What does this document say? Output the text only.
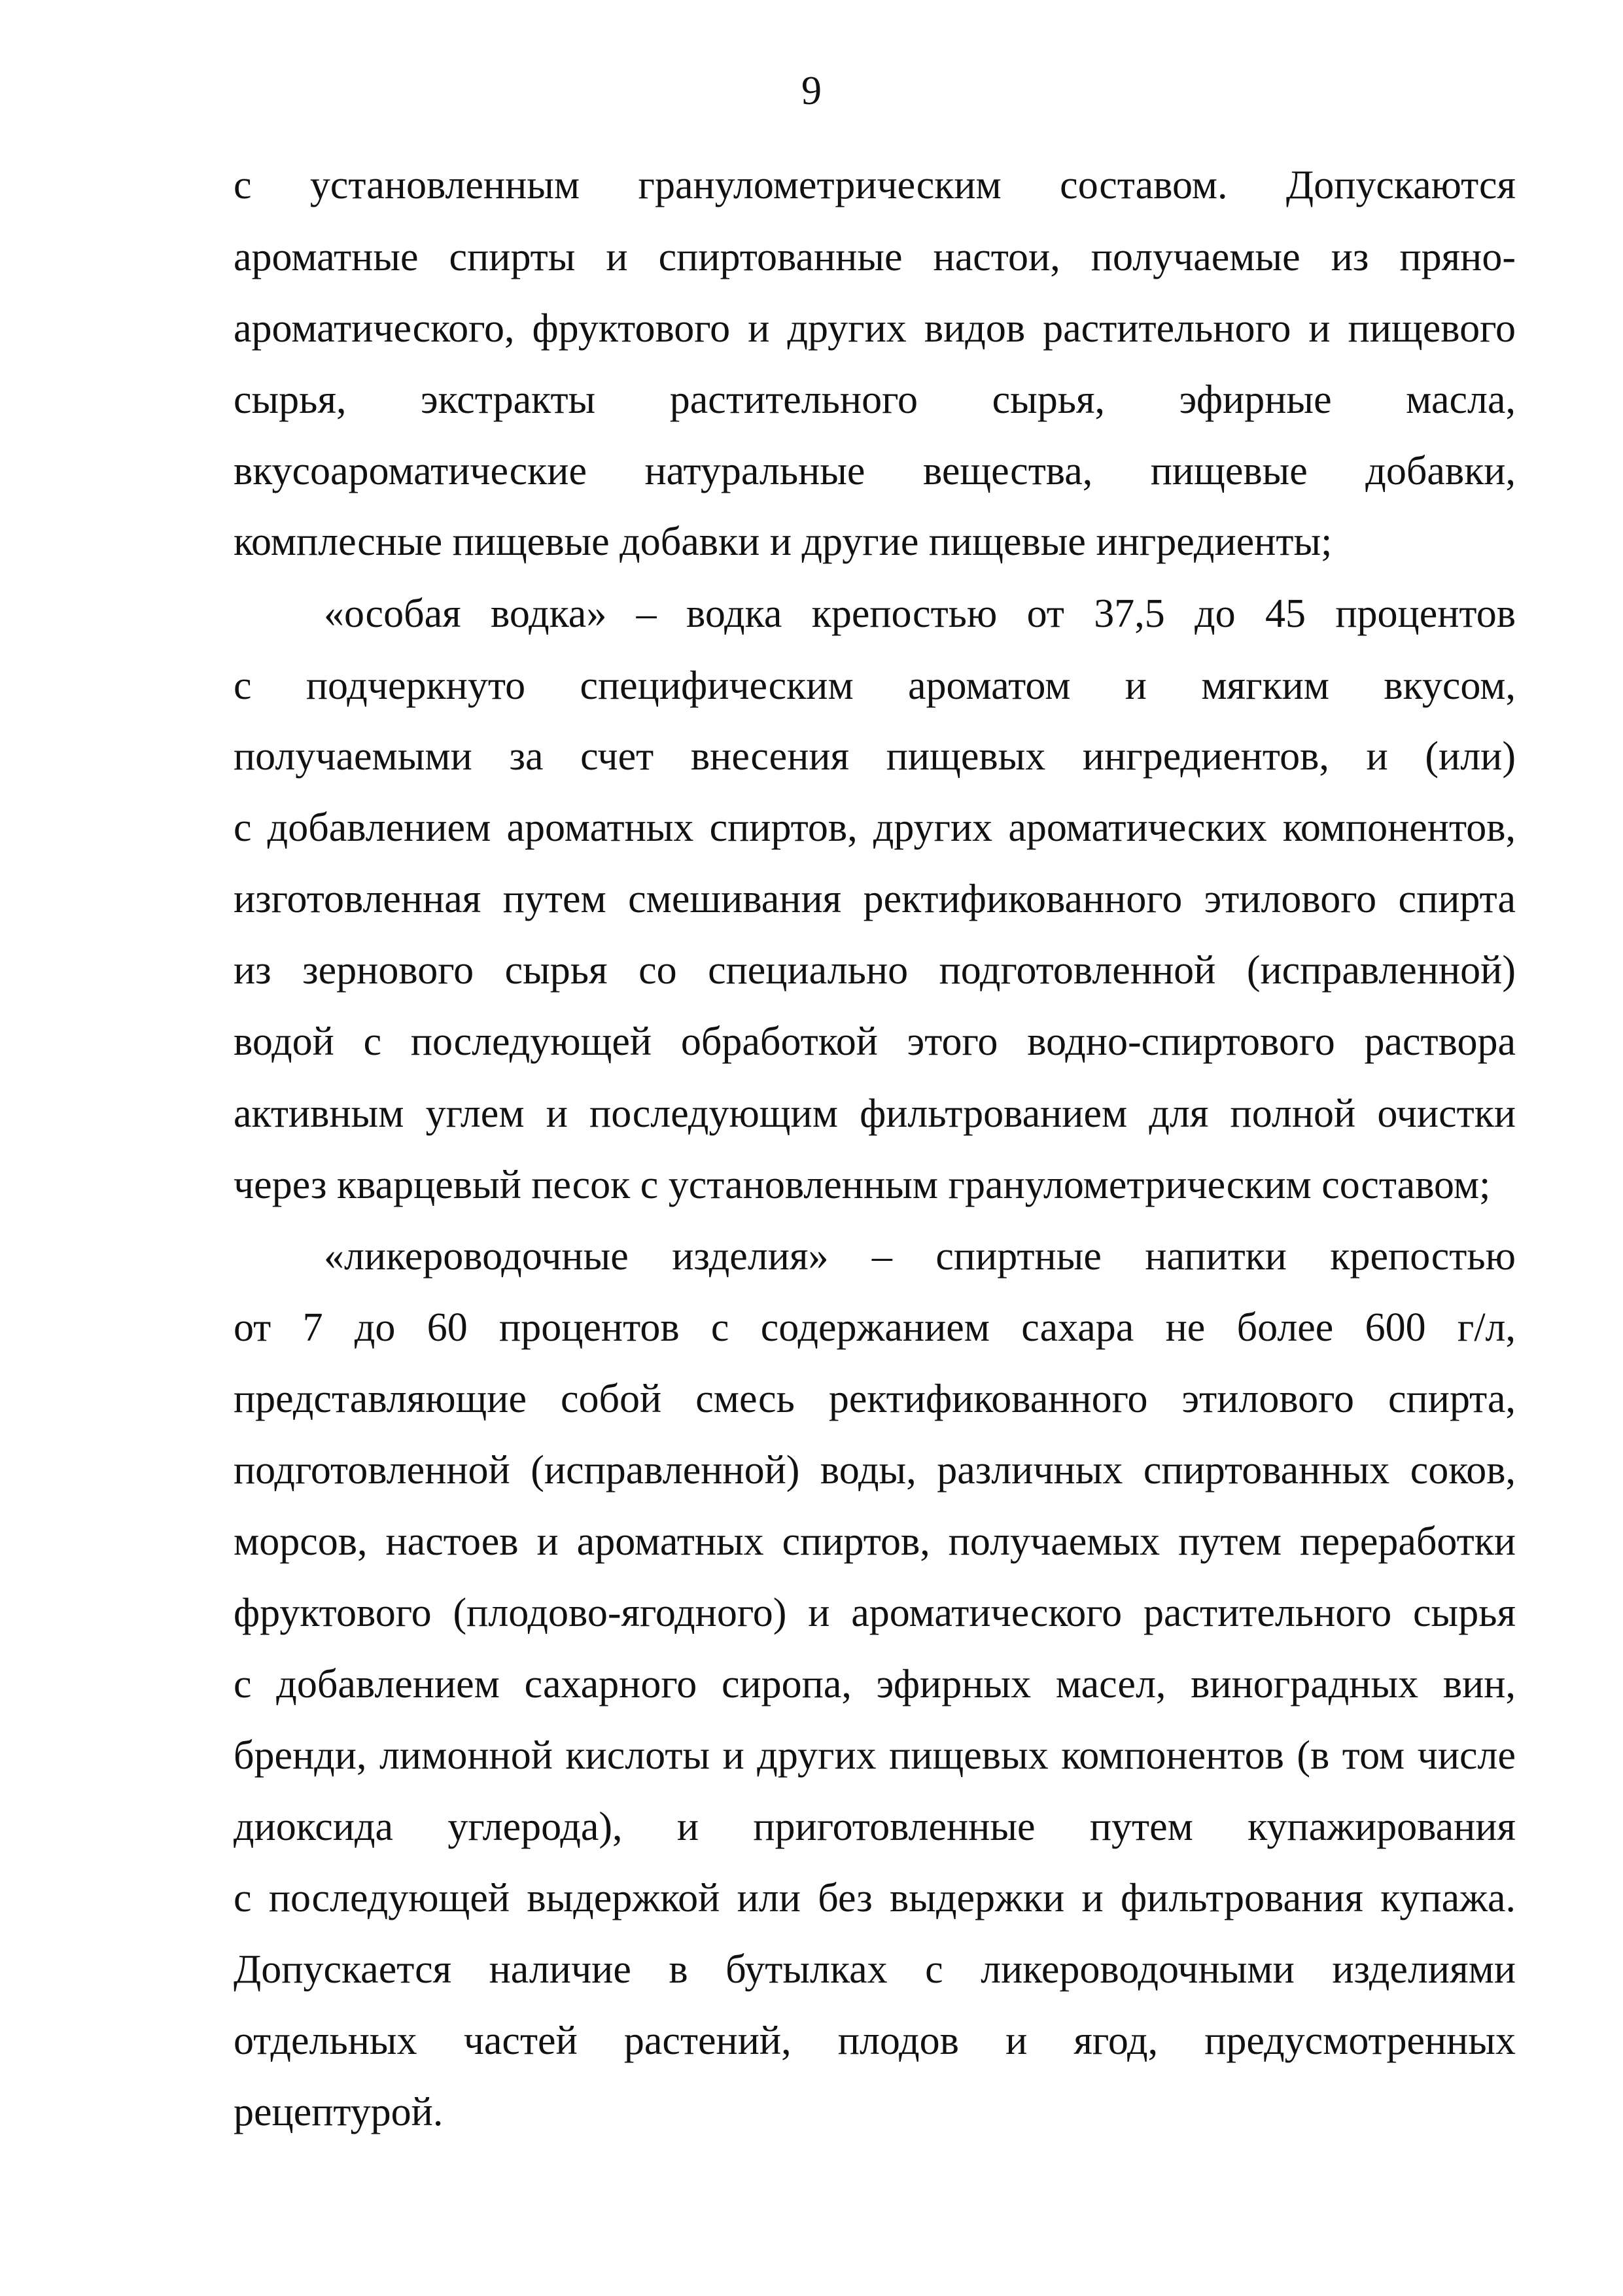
9
с установленным гранулометрическим составом. Допускаются
ароматные спирты и спиртованные настои, получаемые из пряно-
ароматического, фруктового и других видов растительного и пищевого
сырья, экстракты растительного сырья, эфирные масла,
вкусоароматические натуральные вещества, пищевые добавки,
комплесные пищевые добавки и другие пищевые ингредиенты;
«особая водка» – водка крепостью от 37,5 до 45 процентов
с подчеркнуто специфическим ароматом и мягким вкусом,
получаемыми за счет внесения пищевых ингредиентов, и (или)
с добавлением ароматных спиртов, других ароматических компонентов,
изготовленная путем смешивания ректификованного этилового спирта
из зернового сырья со специально подготовленной (исправленной)
водой с последующей обработкой этого водно-спиртового раствора
активным углем и последующим фильтрованием для полной очистки
через кварцевый песок с установленным гранулометрическим составом;
«ликероводочные изделия» – спиртные напитки крепостью
от 7 до 60 процентов с содержанием сахара не более 600 г/л,
представляющие собой смесь ректификованного этилового спирта,
подготовленной (исправленной) воды, различных спиртованных соков,
морсов, настоев и ароматных спиртов, получаемых путем переработки
фруктового (плодово-ягодного) и ароматического растительного сырья
с добавлением сахарного сиропа, эфирных масел, виноградных вин,
бренди, лимонной кислоты и других пищевых компонентов (в том числе
диоксида углерода), и приготовленные путем купажирования
с последующей выдержкой или без выдержки и фильтрования купажа.
Допускается наличие в бутылках с ликероводочными изделиями
отдельных частей растений, плодов и ягод, предусмотренных
рецептурой.
